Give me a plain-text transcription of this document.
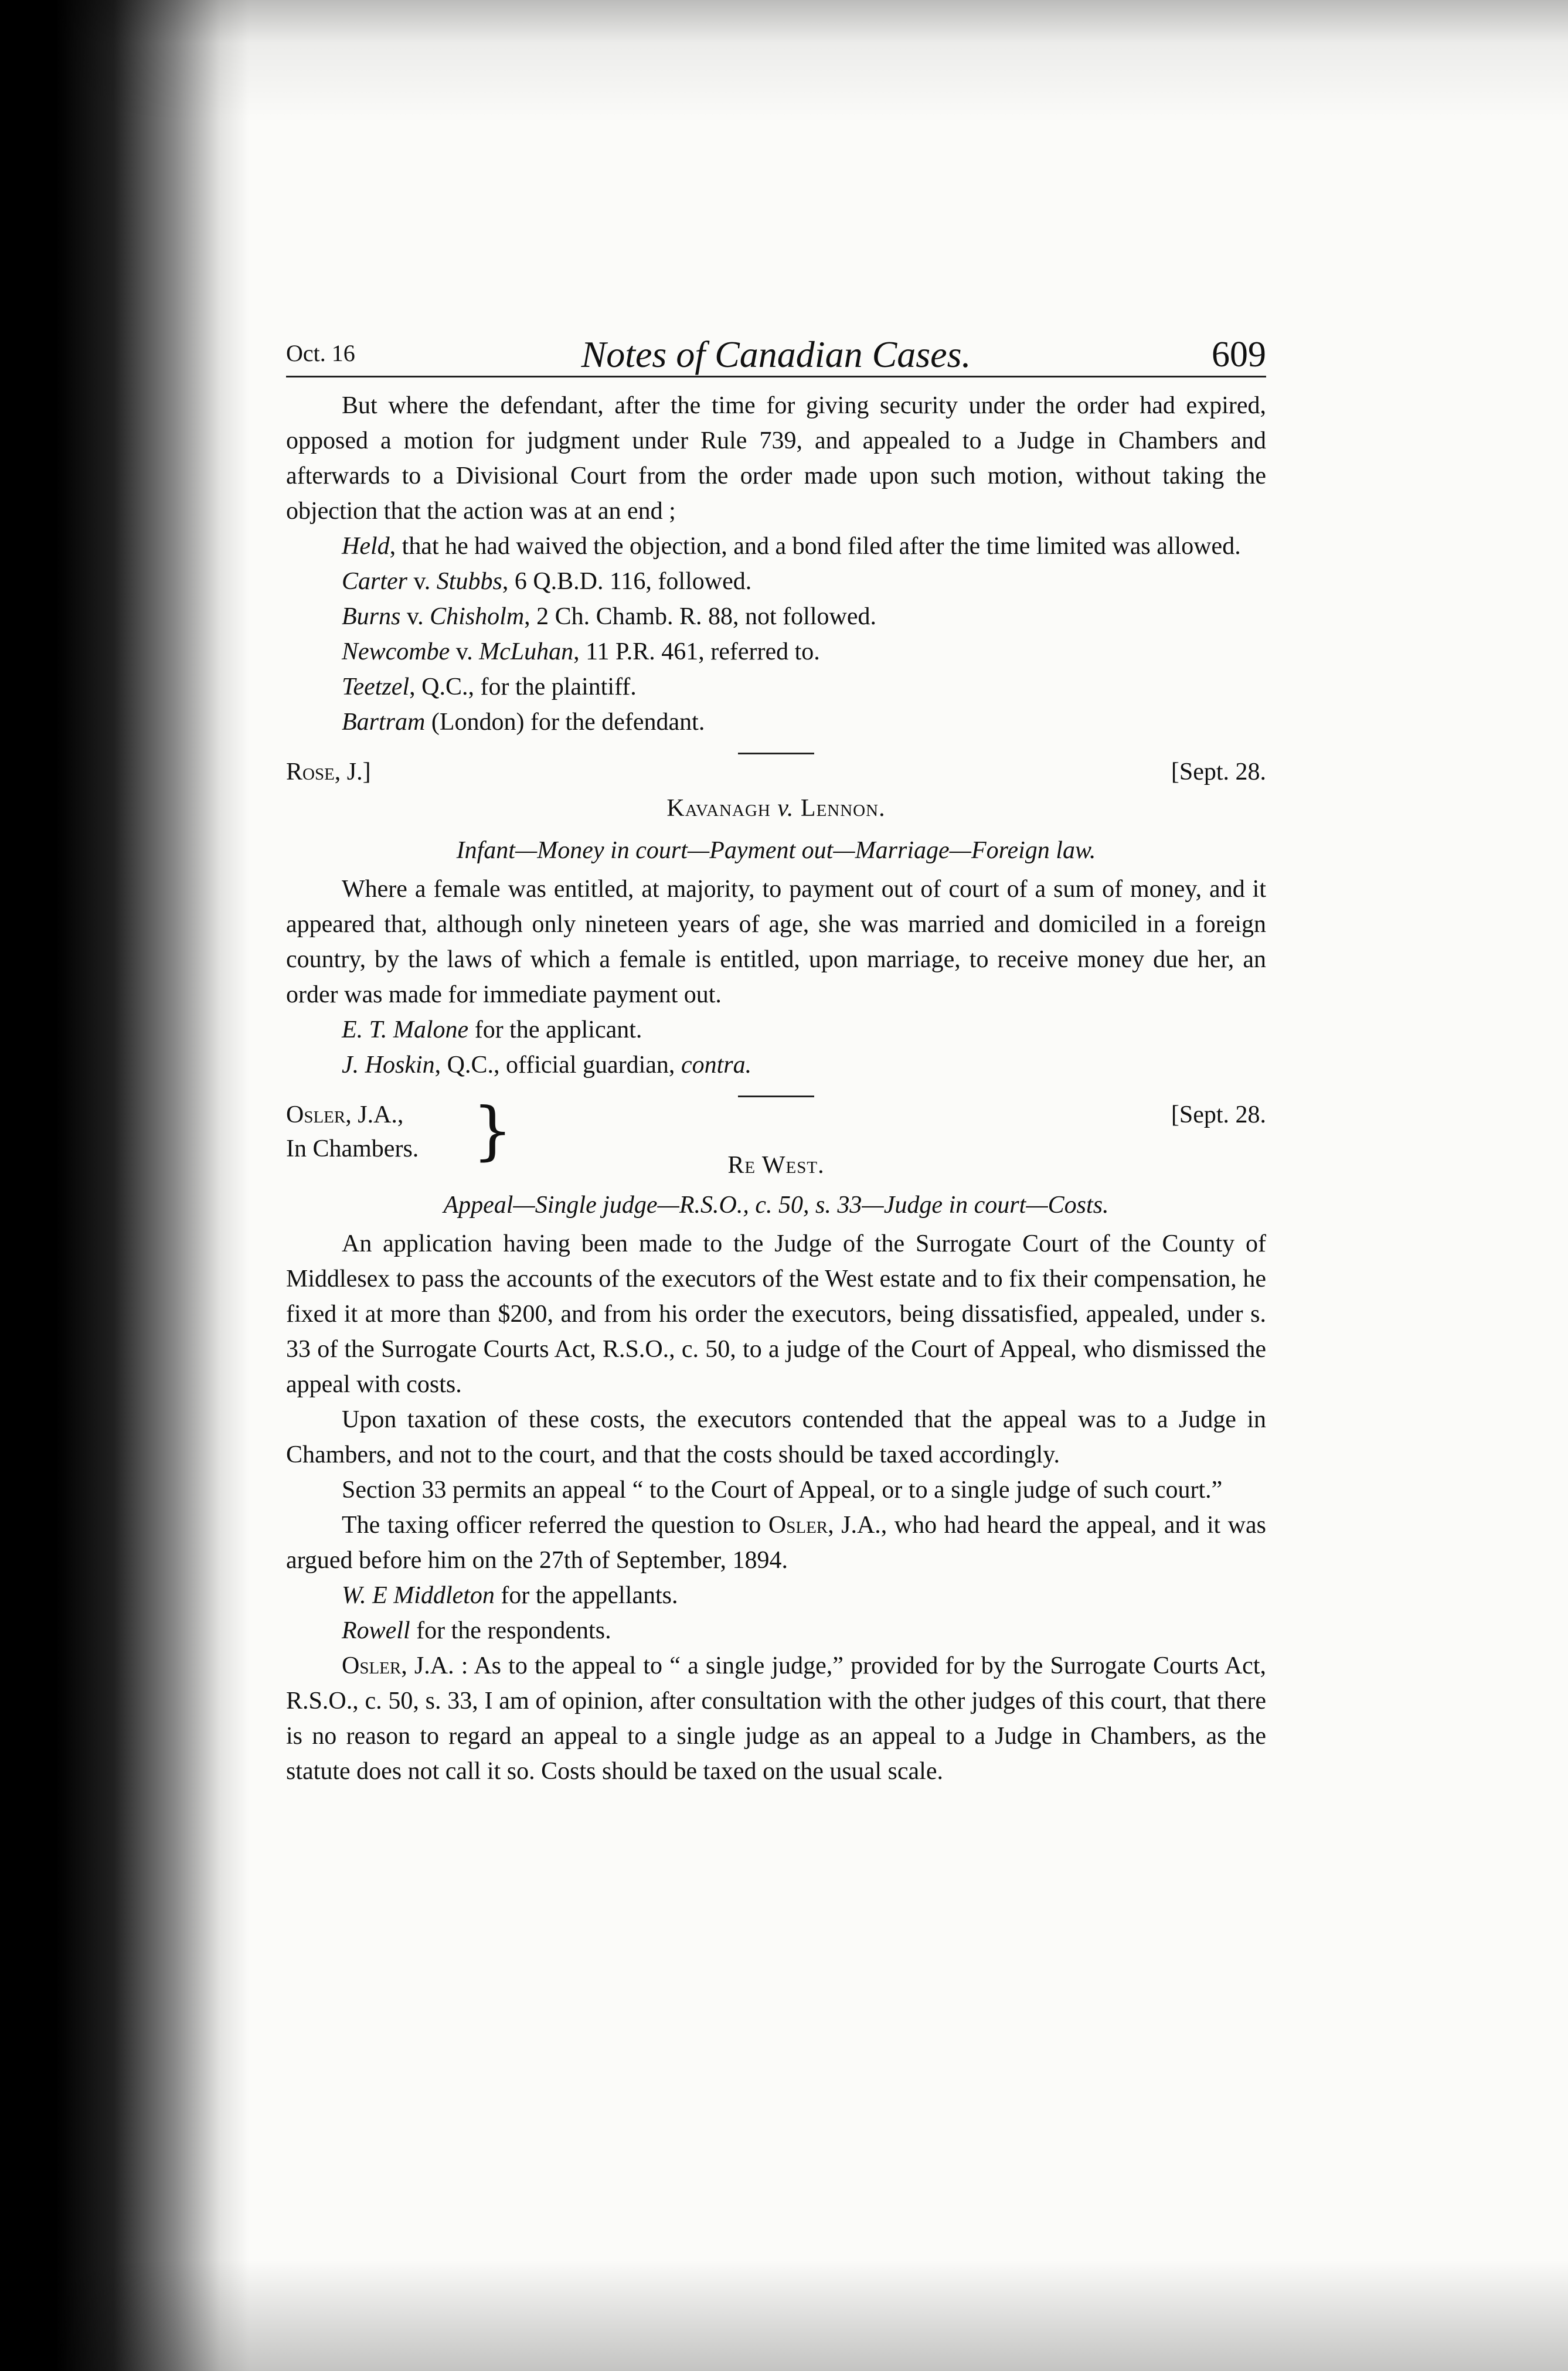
Oct. 16	Notes of Canadian Cases.	609

But where the defendant, after the time for giving security under the order had expired, opposed a motion for judgment under Rule 739, and appealed to a Judge in Chambers and afterwards to a Divisional Court from the order made upon such motion, without taking the objection that the action was at an end ;

Held, that he had waived the objection, and a bond filed after the time limited was allowed.

Carter v. Stubbs, 6 Q.B.D. 116, followed.

Burns v. Chisholm, 2 Ch. Chamb. R. 88, not followed.

Newcombe v. McLuhan, 11 P.R. 461, referred to.

Teetzel, Q.C., for the plaintiff.

Bartram (London) for the defendant.

Rose, J.]	[Sept. 28.

Kavanagh v. Lennon.

Infant—Money in court—Payment out—Marriage—Foreign law.

Where a female was entitled, at majority, to payment out of court of a sum of money, and it appeared that, although only nineteen years of age, she was married and domiciled in a foreign country, by the laws of which a female is entitled, upon marriage, to receive money due her, an order was made for immediate payment out.

E. T. Malone for the applicant.

J. Hoskin, Q.C., official guardian, contra.

Osler, J.A.,
In Chambers. }	[Sept. 28.
Re West.

Appeal—Single judge—R.S.O., c. 50, s. 33—Judge in court—Costs.

An application having been made to the Judge of the Surrogate Court of the County of Middlesex to pass the accounts of the executors of the West estate and to fix their compensation, he fixed it at more than $200, and from his order the executors, being dissatisfied, appealed, under s. 33 of the Surrogate Courts Act, R.S.O., c. 50, to a judge of the Court of Appeal, who dismissed the appeal with costs.

Upon taxation of these costs, the executors contended that the appeal was to a Judge in Chambers, and not to the court, and that the costs should be taxed accordingly.

Section 33 permits an appeal “ to the Court of Appeal, or to a single judge of such court.”

The taxing officer referred the question to Osler, J.A., who had heard the appeal, and it was argued before him on the 27th of September, 1894.

W. E Middleton for the appellants.

Rowell for the respondents.

Osler, J.A. : As to the appeal to “ a single judge,” provided for by the Surrogate Courts Act, R.S.O., c. 50, s. 33, I am of opinion, after consultation with the other judges of this court, that there is no reason to regard an appeal to a single judge as an appeal to a Judge in Chambers, as the statute does not call it so. Costs should be taxed on the usual scale.
